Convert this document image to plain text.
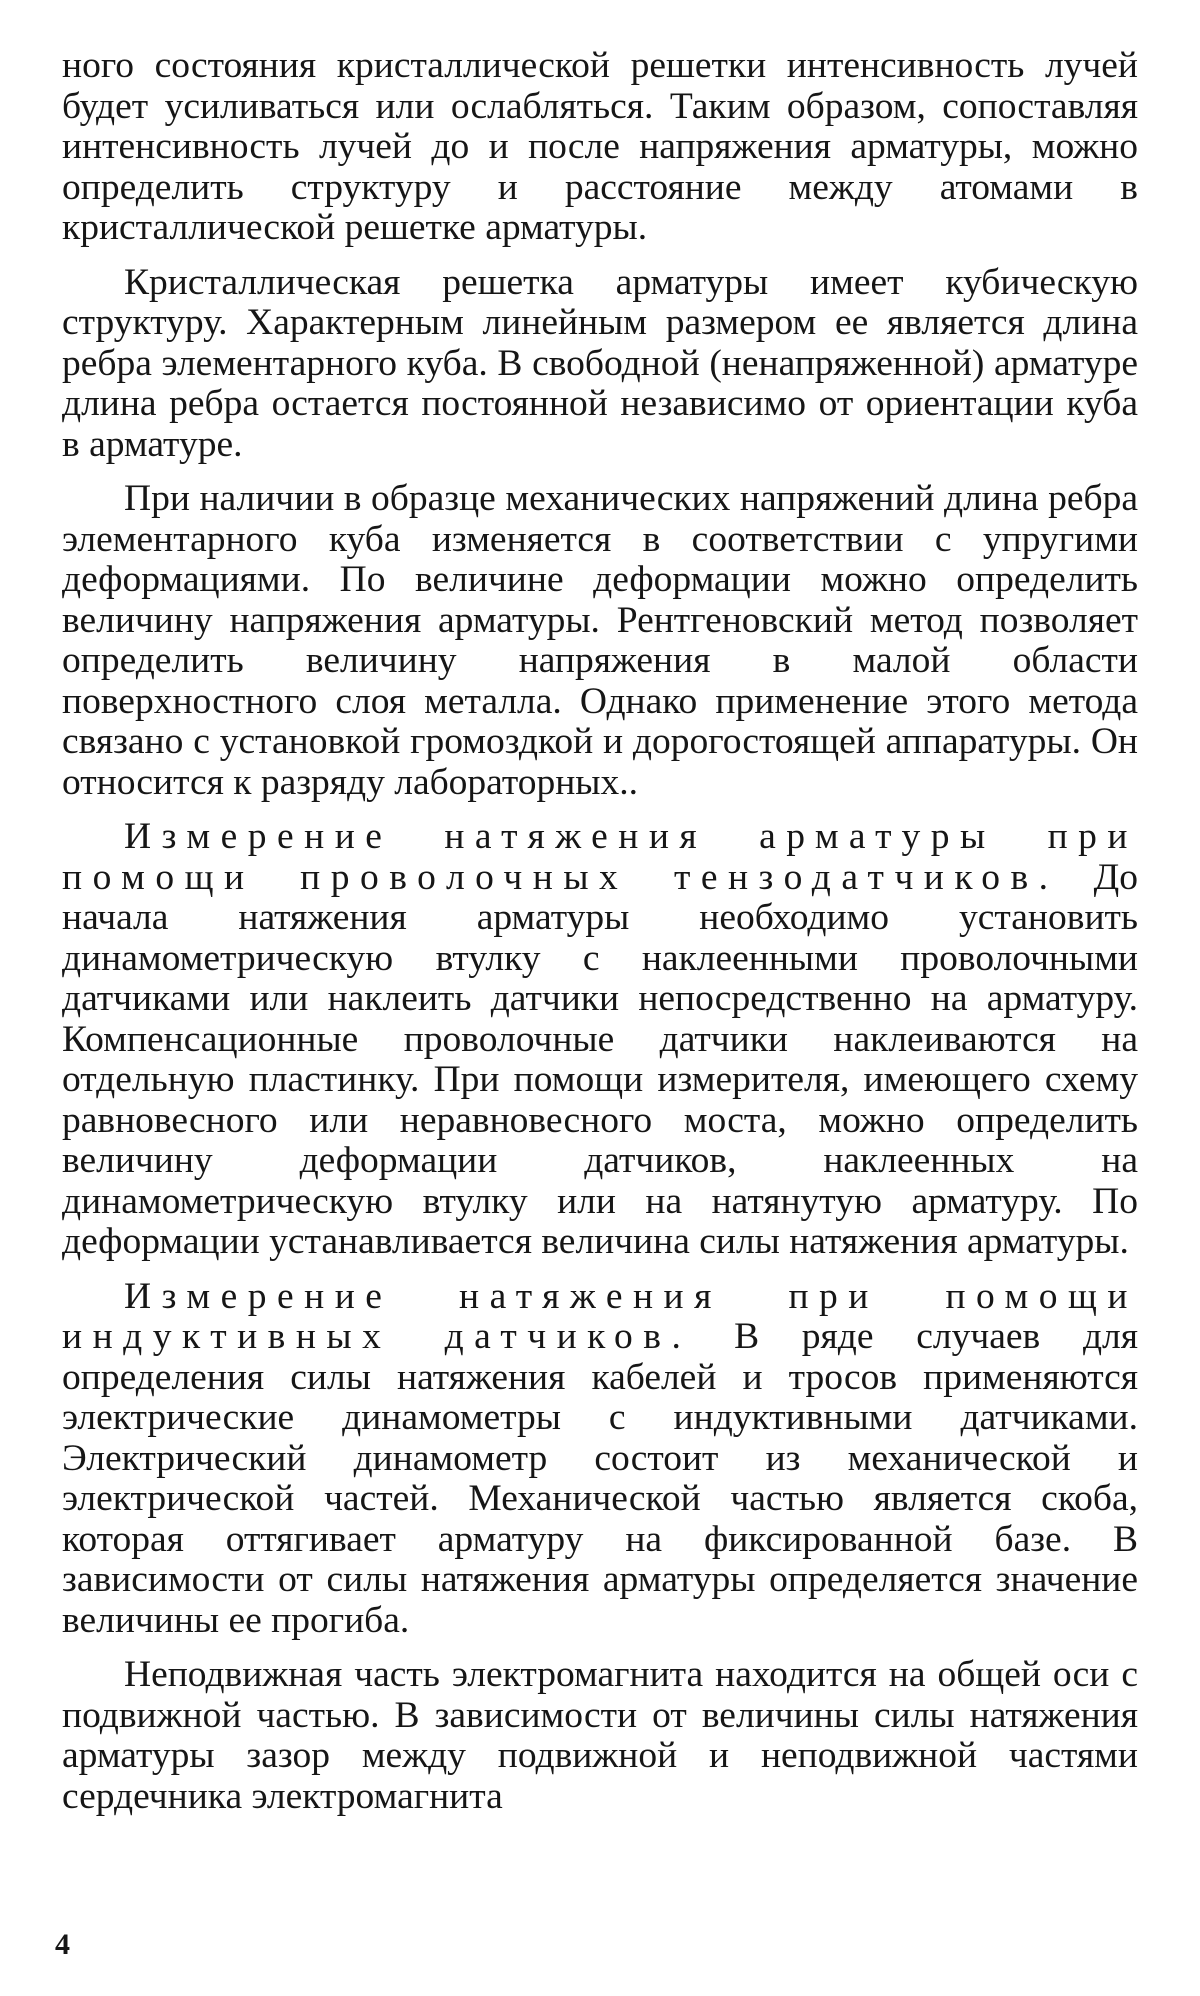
ного состояния кристаллической решетки интенсивность лучей будет усиливаться или ослабляться. Таким образом, сопоставляя интенсивность лучей до и после напряжения арматуры, можно определить структуру и расстояние между атомами в кристаллической решетке арматуры.

Кристаллическая решетка арматуры имеет кубическую структуру. Характерным линейным размером ее является длина ребра элементарного куба. В свободной (ненапряженной) арматуре длина ребра остается постоянной независимо от ориентации куба в арматуре.

При наличии в образце механических напряжений длина ребра элементарного куба изменяется в соответствии с упругими деформациями. По величине деформации можно определить величину напряжения арматуры. Рентгеновский метод позволяет определить величину напряжения в малой области поверхностного слоя металла. Однако применение этого метода связано с установкой громоздкой и дорогостоящей аппаратуры. Он относится к разряду лабораторных..

Измерение натяжения арматуры при помощи проволочных тензодатчиков. До начала натяжения арматуры необходимо установить динамометрическую втулку с наклеенными проволочными датчиками или наклеить датчики непосредственно на арматуру. Компенсационные проволочные датчики наклеиваются на отдельную пластинку. При помощи измерителя, имеющего схему равновесного или неравновесного моста, можно определить величину деформации датчиков, наклеенных на динамометрическую втулку или на натянутую арматуру. По деформации устанавливается величина силы натяжения арматуры.

Измерение натяжения при помощи индуктивных датчиков. В ряде случаев для определения силы натяжения кабелей и тросов применяются электрические динамометры с индуктивными датчиками. Электрический динамометр состоит из механической и электрической частей. Механической частью является скоба, которая оттягивает арматуру на фиксированной базе. В зависимости от силы натяжения арматуры определяется значение величины ее прогиба.

Неподвижная часть электромагнита находится на общей оси с подвижной частью. В зависимости от величины силы натяжения арматуры зазор между подвижной и неподвижной частями сердечника электромагнита

4
